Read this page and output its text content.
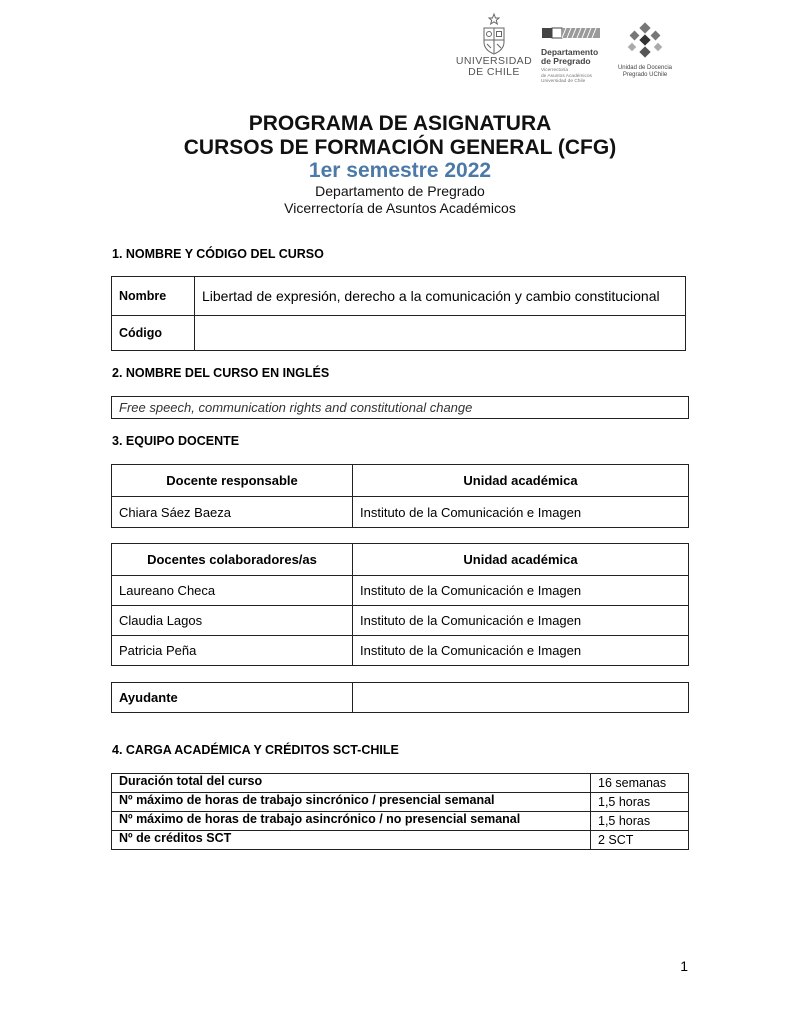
UNIVERSIDAD
DE CHILE
Departamento
de Pregrado
Vicerrectoría
de Asuntos Académicos
Universidad de Chile
Unidad de Docencia
Pregrado UChile
PROGRAMA DE ASIGNATURA
CURSOS DE FORMACIÓN GENERAL (CFG)
1er semestre 2022
Departamento de Pregrado
Vicerrectoría de Asuntos Académicos
1. NOMBRE Y CÓDIGO DEL CURSO
Nombre	Libertad de expresión, derecho a la comunicación y cambio constitucional
Código	
2. NOMBRE DEL CURSO EN INGLÉS
Free speech, communication rights and constitutional change
3. EQUIPO DOCENTE
Docente responsable	Unidad académica
Chiara Sáez Baeza	Instituto de la Comunicación e Imagen
Docentes colaboradores/as	Unidad académica
Laureano Checa	Instituto de la Comunicación e Imagen
Claudia Lagos	Instituto de la Comunicación e Imagen
Patricia Peña	Instituto de la Comunicación e Imagen
Ayudante	
4. CARGA ACADÉMICA Y CRÉDITOS SCT-CHILE
Duración total del curso	16 semanas
Nº máximo de horas de trabajo sincrónico / presencial semanal	1,5 horas
Nº máximo de horas de trabajo asincrónico / no presencial semanal	1,5 horas
Nº de créditos SCT	2 SCT
1
